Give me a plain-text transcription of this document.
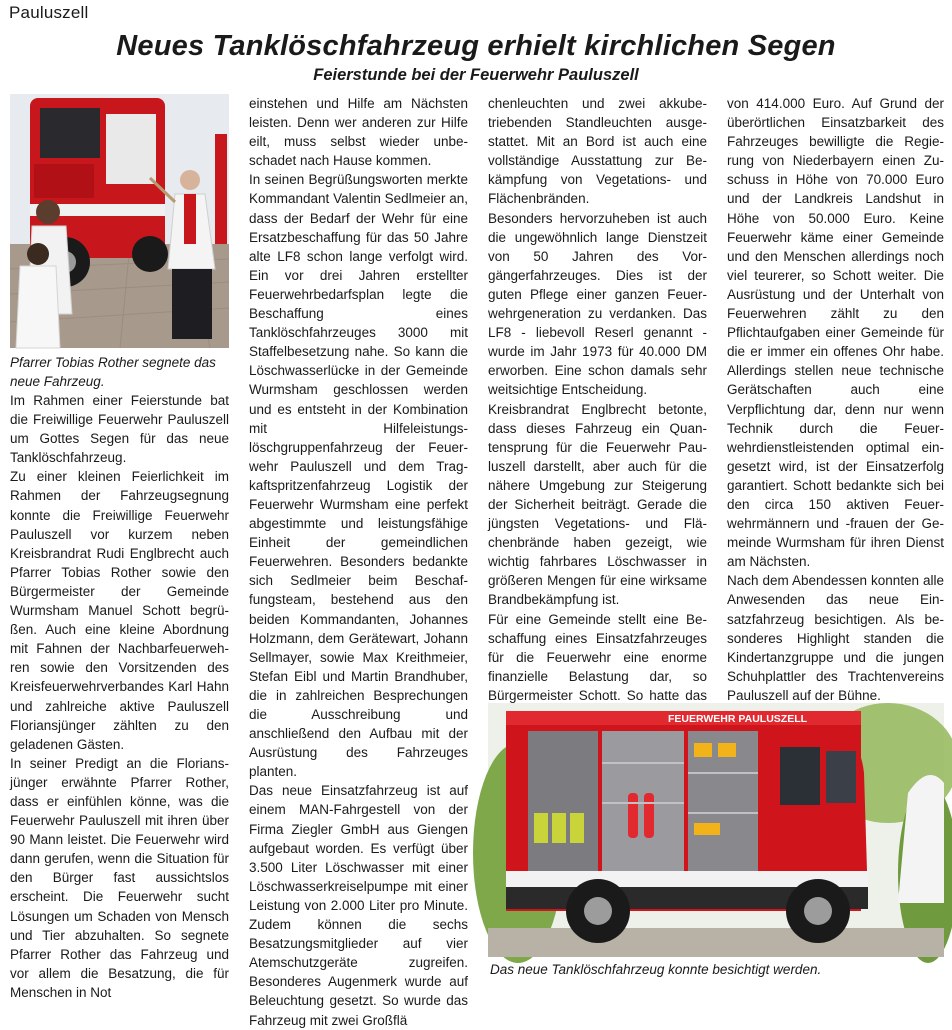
Pauluszell
Neues Tanklöschfahrzeug erhielt kirchlichen Segen
Feierstunde bei der Feuerwehr Pauluszell
Pfarrer Tobias Rother segnete das neue Fahrzeug.

Im Rahmen einer Feierstunde bat die Freiwillige Feuerwehr Pauluszell um Gottes Segen für das neue Tanklöschfahrzeug.

Zu einer kleinen Feierlichkeit im Rahmen der Fahrzeugsegnung konnte die Freiwillige Feuerwehr Pauluszell vor kurzem neben Kreisbrandrat Rudi Englbrecht auch Pfarrer Tobias Rother sowie den Bürgermeister der Gemeinde Wurmsham Manuel Schott begrüßen. Auch eine kleine Abordnung mit Fahnen der Nachbarfeuerwehren sowie den Vorsitzenden des Kreisfeuerwehrverbandes Karl Hahn und zahlreiche aktive Pauluszell Floriansjünger zählten zu den geladenen Gästen.

In seiner Predigt an die Floriansjünger erwähnte Pfarrer Rother, dass er einfühlen könne, was die Feuerwehr Pauluszell mit ihren über 90 Mann leistet. Die Feuerwehr wird dann gerufen, wenn die Situation für den Bürger fast aussichtslos erscheint. Die Feuerwehr sucht Lösungen um Schaden von Mensch und Tier abzuhalten. So segnete Pfarrer Rother das Fahrzeug und vor allem die Besatzung, die für Menschen in Not

einstehen und Hilfe am Nächsten leisten. Denn wer anderen zur Hilfe eilt, muss selbst wieder unbeschadet nach Hause kommen.

In seinen Begrüßungsworten merkte Kommandant Valentin Sedlmeier an, dass der Bedarf der Wehr für eine Ersatzbeschaffung für das 50 Jahre alte LF8 schon lange verfolgt wird. Ein vor drei Jahren erstellter Feuerwehrbedarfsplan legte die Beschaffung eines Tanklöschfahrzeuges 3000 mit Staffelbesetzung nahe. So kann die Löschwasserlücke in der Gemeinde Wurmsham geschlossen werden und es entsteht in der Kombination mit Hilfeleistungslöschgruppenfahrzeug der Feuerwehr Pauluszell und dem Tragkaftspritzenfahrzeug Logistik der Feuerwehr Wurmsham eine perfekt abgestimmte und leistungsfähige Einheit der gemeindlichen Feuerwehren. Besonders bedankte sich Sedlmeier beim Beschaffungsteam, bestehend aus den beiden Kommandanten, Johannes Holzmann, dem Gerätewart, Johann Sellmayer, sowie Max Kreithmeier, Stefan Eibl und Martin Brandhuber, die in zahlreichen Besprechungen die Ausschreibung und anschließend den Aufbau mit der Ausrüstung des Fahrzeuges planten.

Das neue Einsatzfahrzeug ist auf einem MAN-Fahrgestell von der Firma Ziegler GmbH aus Giengen aufgebaut worden. Es verfügt über 3.500 Liter Löschwasser mit einer Löschwasserkreiselpumpe mit einer Leistung von 2.000 Liter pro Minute. Zudem können die sechs Besatzungsmitglieder auf vier Atemschutzgeräte zugreifen. Besonderes Augenmerk wurde auf Beleuchtung gesetzt. So wurde das Fahrzeug mit zwei Großflä

chenleuchten und zwei akkubetriebenden Standleuchten ausgestattet. Mit an Bord ist auch eine vollständige Ausstattung zur Bekämpfung von Vegetations- und Flächenbränden.

Besonders hervorzuheben ist auch die ungewöhnlich lange Dienstzeit von 50 Jahren des Vorgängerfahrzeuges. Dies ist der guten Pflege einer ganzen Feuerwehrgeneration zu verdanken. Das LF8 - liebevoll Reserl genannt - wurde im Jahr 1973 für 40.000 DM erworben. Eine schon damals sehr weitsichtige Entscheidung.

Kreisbrandrat Englbrecht betonte, dass dieses Fahrzeug ein Quantensprung für die Feuerwehr Pauluszell darstellt, aber auch für die nähere Umgebung zur Steigerung der Sicherheit beiträgt. Gerade die jüngsten Vegetations- und Flächenbrände haben gezeigt, wie wichtig fahrbares Löschwasser in größeren Mengen für eine wirksame Brandbekämpfung ist.

Für eine Gemeinde stellt eine Beschaffung eines Einsatzfahrzeuges für die Feuerwehr eine enorme finanzielle Belastung dar, so Bürgermeister Schott. So hatte das

von 414.000 Euro. Auf Grund der überörtlichen Einsatzbarkeit des Fahrzeuges bewilligte die Regierung von Niederbayern einen Zuschuss in Höhe von 70.000 Euro und der Landkreis Landshut in Höhe von 50.000 Euro. Keine Feuerwehr käme einer Gemeinde und den Menschen allerdings noch viel teurerer, so Schott weiter. Die Ausrüstung und der Unterhalt von Feuerwehren zählt zu den Pflichtaufgaben einer Gemeinde für die er immer ein offenes Ohr habe. Allerdings stellen neue technische Gerätschaften auch eine Verpflichtung dar, denn nur wenn Technik durch die Feuerwehrdienstleistenden optimal eingesetzt wird, ist der Einsatzerfolg garantiert. Schott bedankte sich bei den circa 150 aktiven Feuerwehrmännern und -frauen der Gemeinde Wurmsham für ihren Dienst am Nächsten.

Nach dem Abendessen konnten alle Anwesenden das neue Einsatzfahrzeug besichtigen. Als besonderes Highlight standen die Kindertanzgruppe und die jungen Schuhplattler des Trachtenvereins Pauluszell auf der Bühne.

FEUERWEHR PAULUSZELL
Das neue Tanklöschfahrzeug konnte besichtigt werden.
